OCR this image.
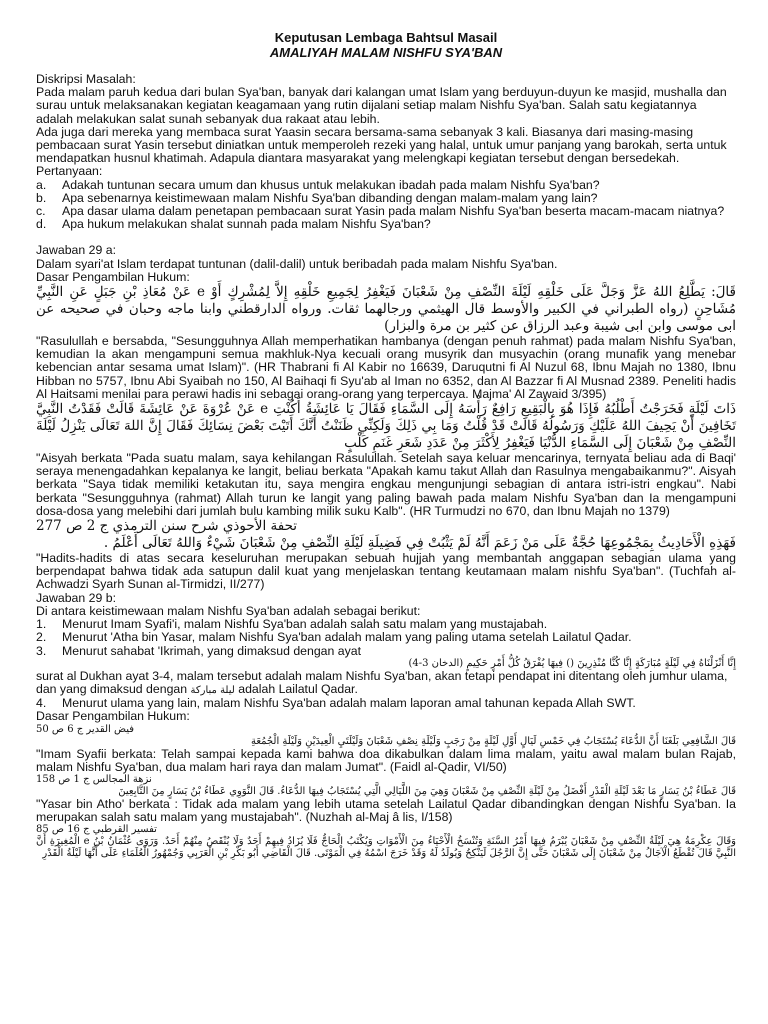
Keputusan Lembaga Bahtsul Masail
AMALIYAH MALAM NISHFU SYA'BAN

Diskripsi Masalah:

Pada malam paruh kedua dari bulan Sya'ban, banyak dari kalangan umat Islam yang berduyun-duyun ke masjid, mushalla dan surau untuk melaksanakan kegiatan keagamaan yang rutin dijalani setiap malam Nishfu Sya'ban. Salah satu kegiatannya adalah melakukan salat sunah sebanyak dua rakaat atau lebih.

Ada juga dari mereka yang membaca surat Yaasin secara bersama-sama sebanyak 3 kali. Biasanya dari masing-masing pembacaan surat Yasin tersebut diniatkan untuk memperoleh rezeki yang halal, untuk umur panjang yang barokah, serta untuk mendapatkan husnul khatimah. Adapula diantara masyarakat yang melengkapi kegiatan tersebut dengan bersedekah.

Pertanyaan:

a.	Adakah tuntunan secara umum dan khusus untuk melakukan ibadah pada malam Nishfu Sya'ban?
b.	Apa sebenarnya keistimewaan malam Nishfu Sya'ban dibanding dengan malam-malam yang lain?
c.	Apa dasar ulama dalam penetapan pembacaan surat Yasin pada malam Nishfu Sya'ban beserta macam-macam niatnya?
d.	Apa hukum melakukan shalat sunnah pada malam Nishfu Sya'ban?

Jawaban 29 a:

Dalam syari'at Islam terdapat tuntunan (dalil-dalil) untuk beribadah pada malam Nishfu Sya'ban.

Dasar Pengambilan Hukum:

قَالَ: يَطَّلِعُ اللهُ عَزَّ وَجَلَّ عَلَى خَلْقِهِ لَيْلَةَ النِّصْفِ مِنْ شَعْبَانَ فَيَغْفِرُ لِجَمِيعِ خَلْقِهِ إِلاَّ لِمُشْرِكٍ أَوْ e عَنْ مُعَاذِ بْنِ جَبَلٍ عَنِ النَّبِيِّ مُشَاحِنٍ (رواه الطبراني في الكبير والأوسط قال الهيثمي ورجالهما ثقات. ورواه الدارقطني وابنا ماجه وحبان في صحيحه عن ابى موسى وابن ابى شيبة وعبد الرزاق عن كثير بن مرة والبزار)

"Rasulullah e bersabda, "Sesungguhnya Allah memperhatikan hambanya (dengan penuh rahmat) pada malam Nishfu Sya'ban, kemudian Ia akan mengampuni semua makhluk-Nya kecuali orang musyrik dan musyachin (orang munafik yang menebar kebencian antar sesama umat Islam)". (HR Thabrani fi Al Kabir no 16639, Daruqutni fi Al Nuzul 68, Ibnu Majah no 1380, Ibnu Hibban no 5757, Ibnu Abi Syaibah no 150, Al Baihaqi fi Syu'ab al Iman no 6352, dan Al Bazzar fi Al Musnad 2389. Peneliti hadis Al Haitsami menilai para perawi hadis ini sebagai orang-orang yang terpercaya. Majma' Al Zawaid 3/395)

ذَاتَ لَيْلَةٍ فَخَرَجْتُ أَطْلُبُهُ فَإِذَا هُوَ بِالْبَقِيعِ رَافِعٌ رَأْسَهُ إِلَى السَّمَاءِ فَقَالَ يَا عَائِشَةُ أَكُنْتِ e عَنْ عُرْوَةَ عَنْ عَائِشَةَ قَالَتْ فَقَدْتُ النَّبِيَّ تَخَافِينَ أَنْ يَحِيفَ اللهُ عَلَيْكِ وَرَسُولُهُ قَالَتْ قَدْ قُلْتُ وَمَا بِي ذَلِكَ وَلَكِنِّي ظَنَنْتُ أَنَّكَ أَتَيْتَ بَعْضَ نِسَائِكَ فَقَالَ إِنَّ اللهَ تَعَالَى يَنْزِلُ لَيْلَةَ النِّصْفِ مِنْ شَعْبَانَ إِلَى السَّمَاءِ الدُّنْيَا فَيَغْفِرُ لِأَكْثَرَ مِنْ عَدَدِ شَعَرِ غَنَمِ كَلْبٍ

"Aisyah berkata "Pada suatu malam, saya kehilangan Rasulullah. Setelah saya keluar mencarinya, ternyata beliau ada di Baqi' seraya menengadahkan kepalanya ke langit, beliau berkata "Apakah kamu takut Allah dan Rasulnya mengabaikanmu?". Aisyah berkata "Saya tidak memiliki ketakutan itu, saya mengira engkau mengunjungi sebagian di antara istri-istri engkau". Nabi berkata "Sesungguhnya (rahmat) Allah turun ke langit yang paling bawah pada malam Nishfu Sya'ban dan Ia mengampuni dosa-dosa yang melebihi dari jumlah bulu kambing milik suku Kalb". (HR Turmudzi no 670, dan Ibnu Majah no 1379)

تحفة الأحوذي شرح سنن الترمذي ج 2 ص 277

فَهَذِهِ الْأَحَادِيثُ بِمَجْمُوعِهَا حُجَّةٌ عَلَى مَنْ زَعَمَ أَنَّهُ لَمْ يَثْبُتْ فِي فَضِيلَةِ لَيْلَةِ النِّصْفِ مِنْ شَعْبَانَ شَيْءٌ وَاللهُ تَعَالَى أَعْلَمُ .

"Hadits-hadits di atas secara keseluruhan merupakan sebuah hujjah yang membantah anggapan sebagian ulama yang berpendapat bahwa tidak ada satupun dalil kuat yang menjelaskan tentang keutamaan malam nishfu Sya'ban". (Tuchfah al-Achwadzi Syarh Sunan al-Tirmidzi, II/277)

Jawaban 29 b:

Di antara keistimewaan malam Nishfu Sya'ban adalah sebagai berikut:

1.	Menurut Imam Syafi'i, malam Nishfu Sya'ban adalah salah satu malam yang mustajabah.
2.	Menurut 'Atha bin Yasar, malam Nishfu Sya'ban adalah malam yang paling utama setelah Lailatul Qadar.
3.	Menurut sahabat 'Ikrimah, yang dimaksud dengan ayat

إِنَّا أَنْزَلْنَاهُ فِي لَيْلَةٍ مُبَارَكَةٍ إِنَّا كُنَّا مُنْذِرِينَ () فِيهَا يُفْرَقُ كُلُّ أَمْرٍ حَكِيمٍ (الدخان 3-4)

surat al Dukhan ayat 3-4, malam tersebut adalah malam Nishfu Sya'ban, akan tetapi pendapat ini ditentang oleh jumhur ulama, dan yang dimaksud dengan ليلة مباركة adalah Lailatul Qadar.

4.	Menurut ulama yang lain, malam Nishfu Sya'ban adalah malam laporan amal tahunan kepada Allah SWT.

Dasar Pengambilan Hukum:

فيض القدير ج 6 ص 50

قَالَ الشَّافِعِي بَلَغَنَا أَنَّ الدُّعَاءَ يُسْتَجَابُ فِي خَمْسِ لَيَالٍ أَوَّلِ لَيْلَةٍ مِنْ رَجَبٍ وَلَيْلَةِ نِصْفِ شَعْبَانَ وَلَيْلَتَيِ الْعِيدَيْنِ وَلَيْلَةِ الْجُمُعَةِ

"Imam Syafii berkata: Telah sampai kepada kami bahwa doa dikabulkan dalam lima malam, yaitu awal malam bulan Rajab, malam Nishfu Sya'ban, dua malam hari raya dan malam Jumat". (Faidl al-Qadir, VI/50)

نزهة المجالس ج 1 ص 158

قَالَ عَطَاءُ بْنُ يَسَارٍ مَا بَعْدَ لَيْلَةِ الْقَدْرِ أَفْضَلُ مِنْ لَيْلَةِ النِّصْفِ مِنْ شَعْبَانَ وَهِيَ مِنَ اللَّيَالِي الَّتِي يُسْتَجَابُ فِيهَا الدُّعَاءُ. قَالَ النَّوَوِي عَطَاءُ بْنُ يَسَارٍ مِنَ التَّابِعِينَ

"Yasar bin Atho' berkata : Tidak ada malam yang lebih utama setelah Lailatul Qadar dibandingkan dengan Nishfu Sya'ban. Ia merupakan salah satu malam yang mustajabah". (Nuzhah al-Maj â lis, I/158)

تفسير القرطبي ج 16 ص 85

وَقَالَ عِكْرِمَةُ هِيَ لَيْلَةُ النِّصْفِ مِنْ شَعْبَانَ يُبْرَمُ فِيهَا أَمْرُ السَّنَةِ وَتُنْسَخُ الْأَحْيَاءُ مِنَ الْأَمْوَاتِ وَيُكْتَبُ الْحَاجُّ فَلَا يُزَادُ فِيهِمْ أَحَدٌ وَلَا يُنْقَصُ مِنْهُمْ أَحَدٌ. وَرَوَى عُثْمَانُ بْنُ e الْمُغِيرَةِ أَنَّ النَّبِيَّ قَالَ تُقْطَعُ الْآجَالُ مِنْ شَعْبَانَ إِلَى شَعْبَانَ حَتَّى إِنَّ الرَّجُلَ لَيَنْكِحُ وَيُولَدُ لَهُ وَقَدْ خَرَجَ اسْمُهُ فِي الْمَوْتَى. قَالَ الْقَاضِي أَبُو بَكْرِ بْنِ الْعَرَبِي وَجُمْهُورُ الْعُلَمَاءِ عَلَى أَنَّهَا لَيْلَةُ الْقَدْرِ
